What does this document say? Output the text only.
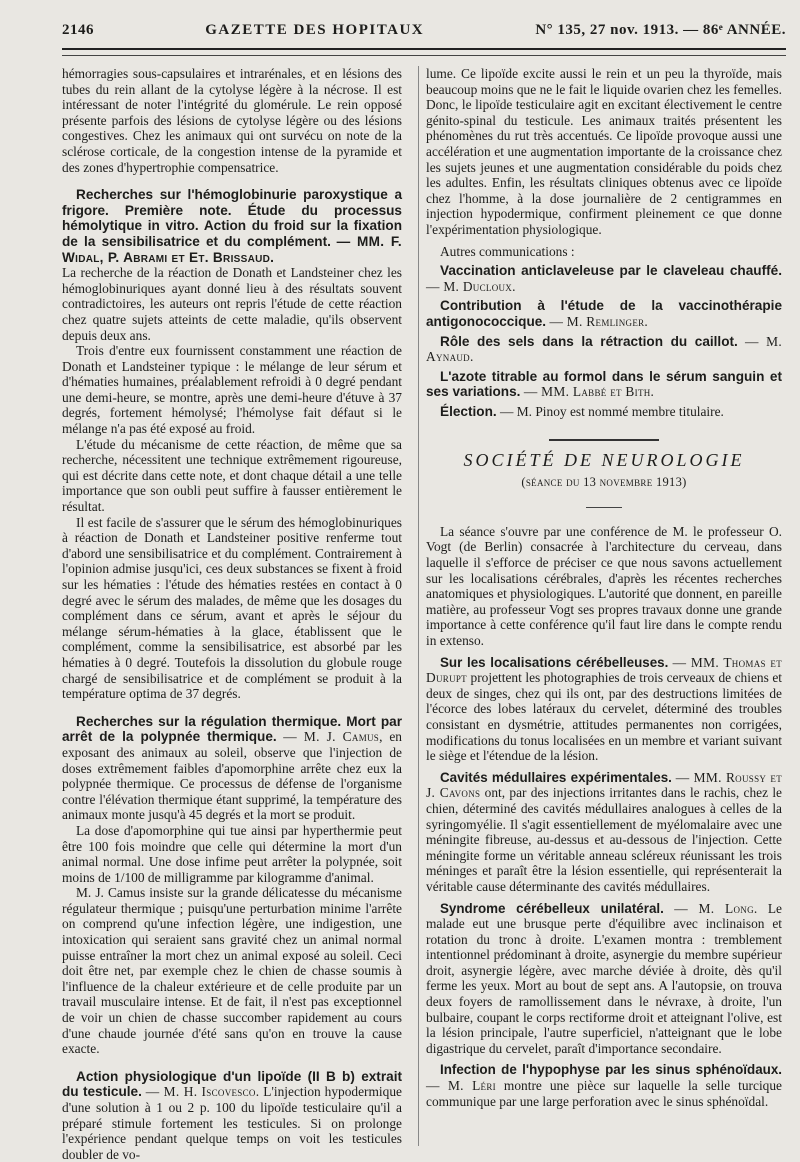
2146	GAZETTE DES HOPITAUX	N° 135, 27 nov. 1913. — 86ᵉ ANNÉE.

hémorragies sous-capsulaires et intrarénales, et en lésions des tubes du rein allant de la cytolyse légère à la nécrose. Il est intéressant de noter l'intégrité du glomérule. Le rein opposé présente parfois des lésions de cytolyse légère ou des lésions congestives. Chez les animaux qui ont survécu on note de la sclérose corticale, de la congestion intense de la pyramide et des zones d'hypertrophie compensatrice.

Recherches sur l'hémoglobinurie paroxystique a frigore. Première note. Étude du processus hémolytique in vitro. Action du froid sur la fixation de la sensibilisatrice et du complément. — MM. F. Widal, P. Abrami et Et. Brissaud.

La recherche de la réaction de Donath et Landsteiner chez les hémoglobinuriques ayant donné lieu à des résultats souvent contradictoires, les auteurs ont repris l'étude de cette réaction chez quatre sujets atteints de cette maladie, qu'ils observent depuis deux ans.

Trois d'entre eux fournissent constamment une réaction de Donath et Landsteiner typique : le mélange de leur sérum et d'hématies humaines, préalablement refroidi à 0 degré pendant une demi-heure, se montre, après une demi-heure d'étuve à 37 degrés, fortement hémolysé; l'hémolyse fait défaut si le mélange n'a pas été exposé au froid.

L'étude du mécanisme de cette réaction, de même que sa recherche, nécessitent une technique extrêmement rigoureuse, qui est décrite dans cette note, et dont chaque détail a une telle importance que son oubli peut suffire à fausser entièrement le résultat.

Il est facile de s'assurer que le sérum des hémoglobinuriques à réaction de Donath et Landsteiner positive renferme tout d'abord une sensibilisatrice et du complément. Contrairement à l'opinion admise jusqu'ici, ces deux substances se fixent à froid sur les hématies : l'étude des hématies restées en contact à 0 degré avec le sérum des malades, de même que les dosages du complément dans ce sérum, avant et après le séjour du mélange sérum-hématies à la glace, établissent que le complément, comme la sensibilisatrice, est absorbé par les hématies à 0 degré. Toutefois la dissolution du globule rouge chargé de sensibilisatrice et de complément se produit à la température optima de 37 degrés.

Recherches sur la régulation thermique. Mort par arrêt de la polypnée thermique. — M. J. Camus, en exposant des animaux au soleil, observe que l'injection de doses extrêmement faibles d'apomorphine arrête chez eux la polypnée thermique. Ce processus de défense de l'organisme contre l'élévation thermique étant supprimé, la température des animaux monte jusqu'à 45 degrés et la mort se produit.

La dose d'apomorphine qui tue ainsi par hyperthermie peut être 100 fois moindre que celle qui détermine la mort d'un animal normal. Une dose infime peut arrêter la polypnée, soit moins de 1/100 de milligramme par kilogramme d'animal.

M. J. Camus insiste sur la grande délicatesse du mécanisme régulateur thermique ; puisqu'une perturbation minime l'arrête on comprend qu'une infection légère, une indigestion, une intoxication qui seraient sans gravité chez un animal normal puisse entraîner la mort chez un animal exposé au soleil. Ceci doit être net, par exemple chez le chien de chasse soumis à l'influence de la chaleur extérieure et de celle produite par un travail musculaire intense. Et de fait, il n'est pas exceptionnel de voir un chien de chasse succomber rapidement au cours d'une chaude journée d'été sans qu'on en trouve la cause exacte.

Action physiologique d'un lipoïde (II B b) extrait du testicule. — M. H. Iscovesco. L'injection hypodermique d'une solution à 1 ou 2 p. 100 du lipoïde testiculaire qu'il a préparé stimule fortement les testicules. Si on prolonge l'expérience pendant quelque temps on voit les testicules doubler de vo-

lume. Ce lipoïde excite aussi le rein et un peu la thyroïde, mais beaucoup moins que ne le fait le liquide ovarien chez les femelles. Donc, le lipoïde testiculaire agit en excitant électivement le centre génito-spinal du testicule. Les animaux traités présentent les phénomènes du rut très accentués. Ce lipoïde provoque aussi une accélération et une augmentation importante de la croissance chez les sujets jeunes et une augmentation considérable du poids chez les adultes. Enfin, les résultats cliniques obtenus avec ce lipoïde chez l'homme, à la dose journalière de 2 centigrammes en injection hypodermique, confirment pleinement ce que donne l'expérimentation physiologique.

Autres communications :

Vaccination anticlaveleuse par le claveleau chauffé. — M. Ducloux.

Contribution à l'étude de la vaccinothérapie antigonococcique. — M. Remlinger.

Rôle des sels dans la rétraction du caillot. — M. Aynaud.

L'azote titrable au formol dans le sérum sanguin et ses variations. — MM. Labbé et Bith.

Élection. — M. Pinoy est nommé membre titulaire.

SOCIÉTÉ DE NEUROLOGIE
(séance du 13 novembre 1913)

La séance s'ouvre par une conférence de M. le professeur O. Vogt (de Berlin) consacrée à l'architecture du cerveau, dans laquelle il s'efforce de préciser ce que nous savons actuellement sur les localisations cérébrales, d'après les récentes recherches anatomiques et physiologiques. L'autorité que donnent, en pareille matière, au professeur Vogt ses propres travaux donne une grande importance à cette conférence qu'il faut lire dans le compte rendu in extenso.

Sur les localisations cérébelleuses. — MM. Thomas et Durupt projettent les photographies de trois cerveaux de chiens et deux de singes, chez qui ils ont, par des destructions limitées de l'écorce des lobes latéraux du cervelet, déterminé des troubles consistant en dysmétrie, attitudes permanentes non corrigées, modifications du tonus localisées en un membre et variant suivant le siège et l'étendue de la lésion.

Cavités médullaires expérimentales. — MM. Roussy et J. Cavons ont, par des injections irritantes dans le rachis, chez le chien, déterminé des cavités médullaires analogues à celles de la syringomyélie. Il s'agit essentiellement de myélomalaire avec une méningite fibreuse, au-dessus et au-dessous de l'injection. Cette méningite forme un véritable anneau scléreux réunissant les trois méninges et paraît être la lésion essentielle, qui représenterait la véritable cause déterminante des cavités médullaires.

Syndrome cérébelleux unilatéral. — M. Long. Le malade eut une brusque perte d'équilibre avec inclinaison et rotation du tronc à droite. L'examen montra : tremblement intentionnel prédominant à droite, asynergie du membre supérieur droit, asynergie légère, avec marche déviée à droite, dès qu'il ferme les yeux. Mort au bout de sept ans. A l'autopsie, on trouva deux foyers de ramollissement dans le névraxe, à droite, l'un bulbaire, coupant le corps rectiforme droit et atteignant l'olive, est la lésion principale, l'autre superficiel, n'atteignant que le lobe digastrique du cervelet, paraît d'importance secondaire.

Infection de l'hypophyse par les sinus sphénoïdaux. — M. Léri montre une pièce sur laquelle la selle turcique communique par une large perforation avec le sinus sphénoïdal.
